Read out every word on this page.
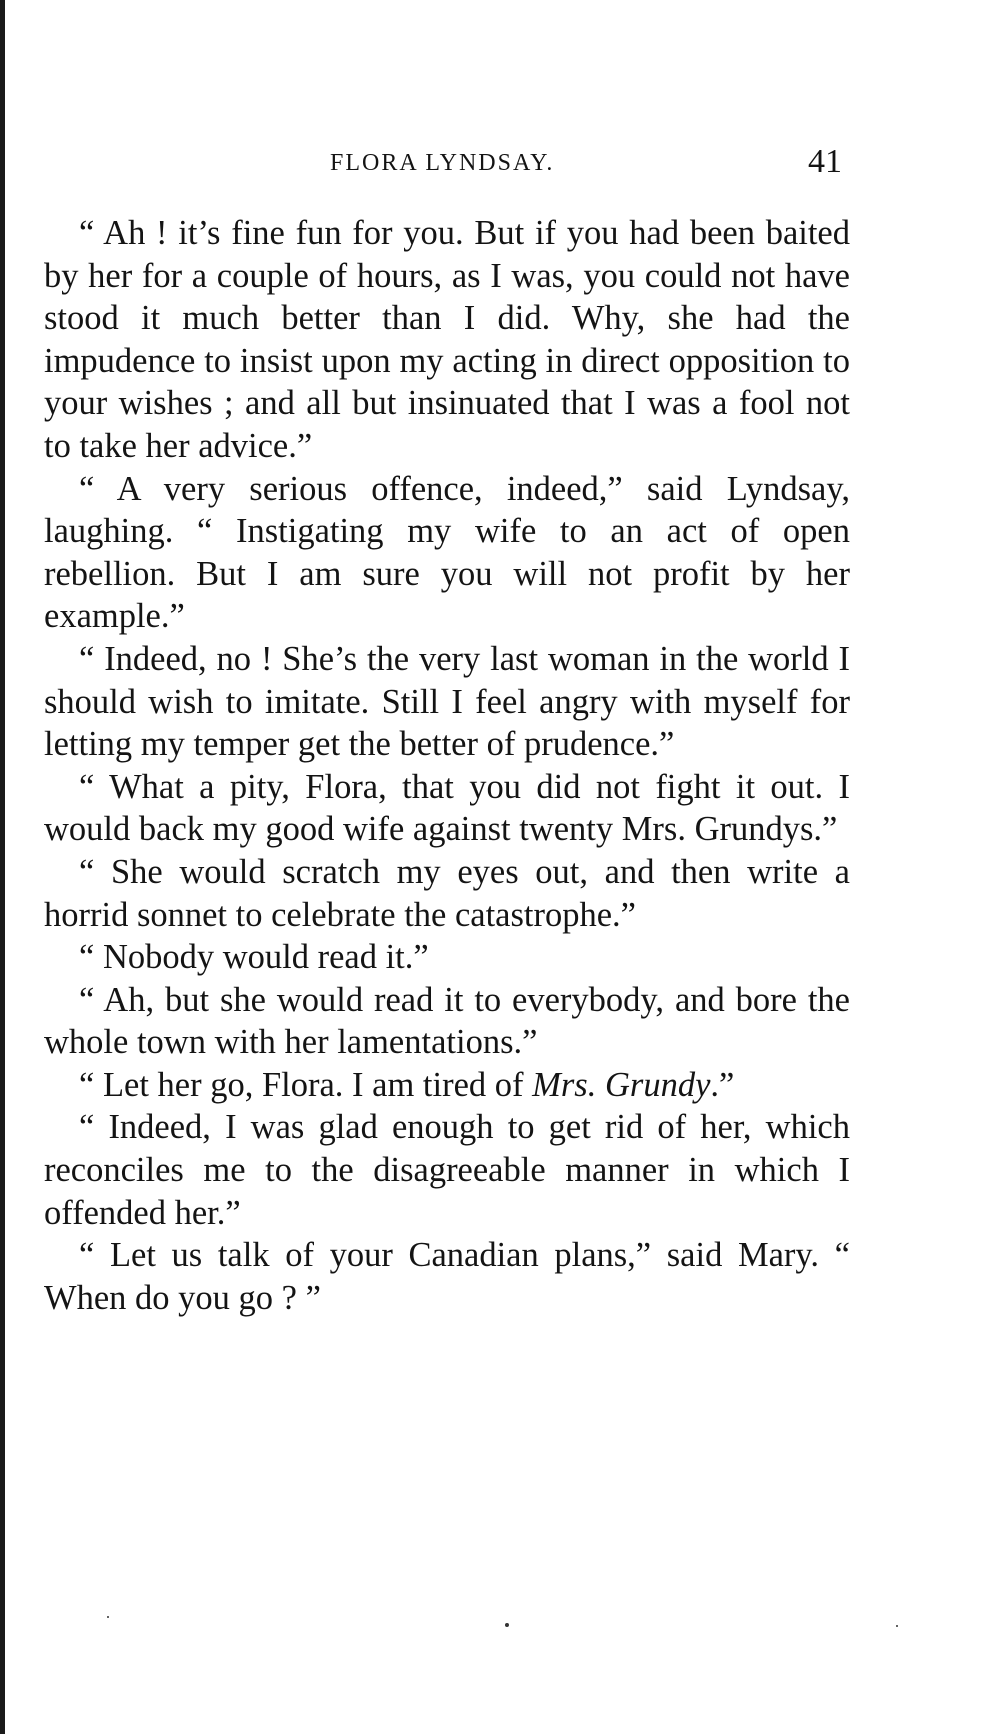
FLORA LYNDSAY.	41

“ Ah ! it’s fine fun for you. But if you had been baited by her for a couple of hours, as I was, you could not have stood it much better than I did. Why, she had the impudence to insist upon my acting in direct opposition to your wishes ; and all but insinuated that I was a fool not to take her advice.”

“ A very serious offence, indeed,” said Lyndsay, laughing. “ Instigating my wife to an act of open rebellion. But I am sure you will not profit by her example.”

“ Indeed, no ! She’s the very last woman in the world I should wish to imitate. Still I feel angry with myself for letting my temper get the better of prudence.”

“ What a pity, Flora, that you did not fight it out. I would back my good wife against twenty Mrs. Grundys.”

“ She would scratch my eyes out, and then write a horrid sonnet to celebrate the catastrophe.”

“ Nobody would read it.”

“ Ah, but she would read it to everybody, and bore the whole town with her lamentations.”

“ Let her go, Flora. I am tired of Mrs. Grundy.”

“ Indeed, I was glad enough to get rid of her, which reconciles me to the disagreeable manner in which I offended her.”

“ Let us talk of your Canadian plans,” said Mary. “ When do you go ? ”
